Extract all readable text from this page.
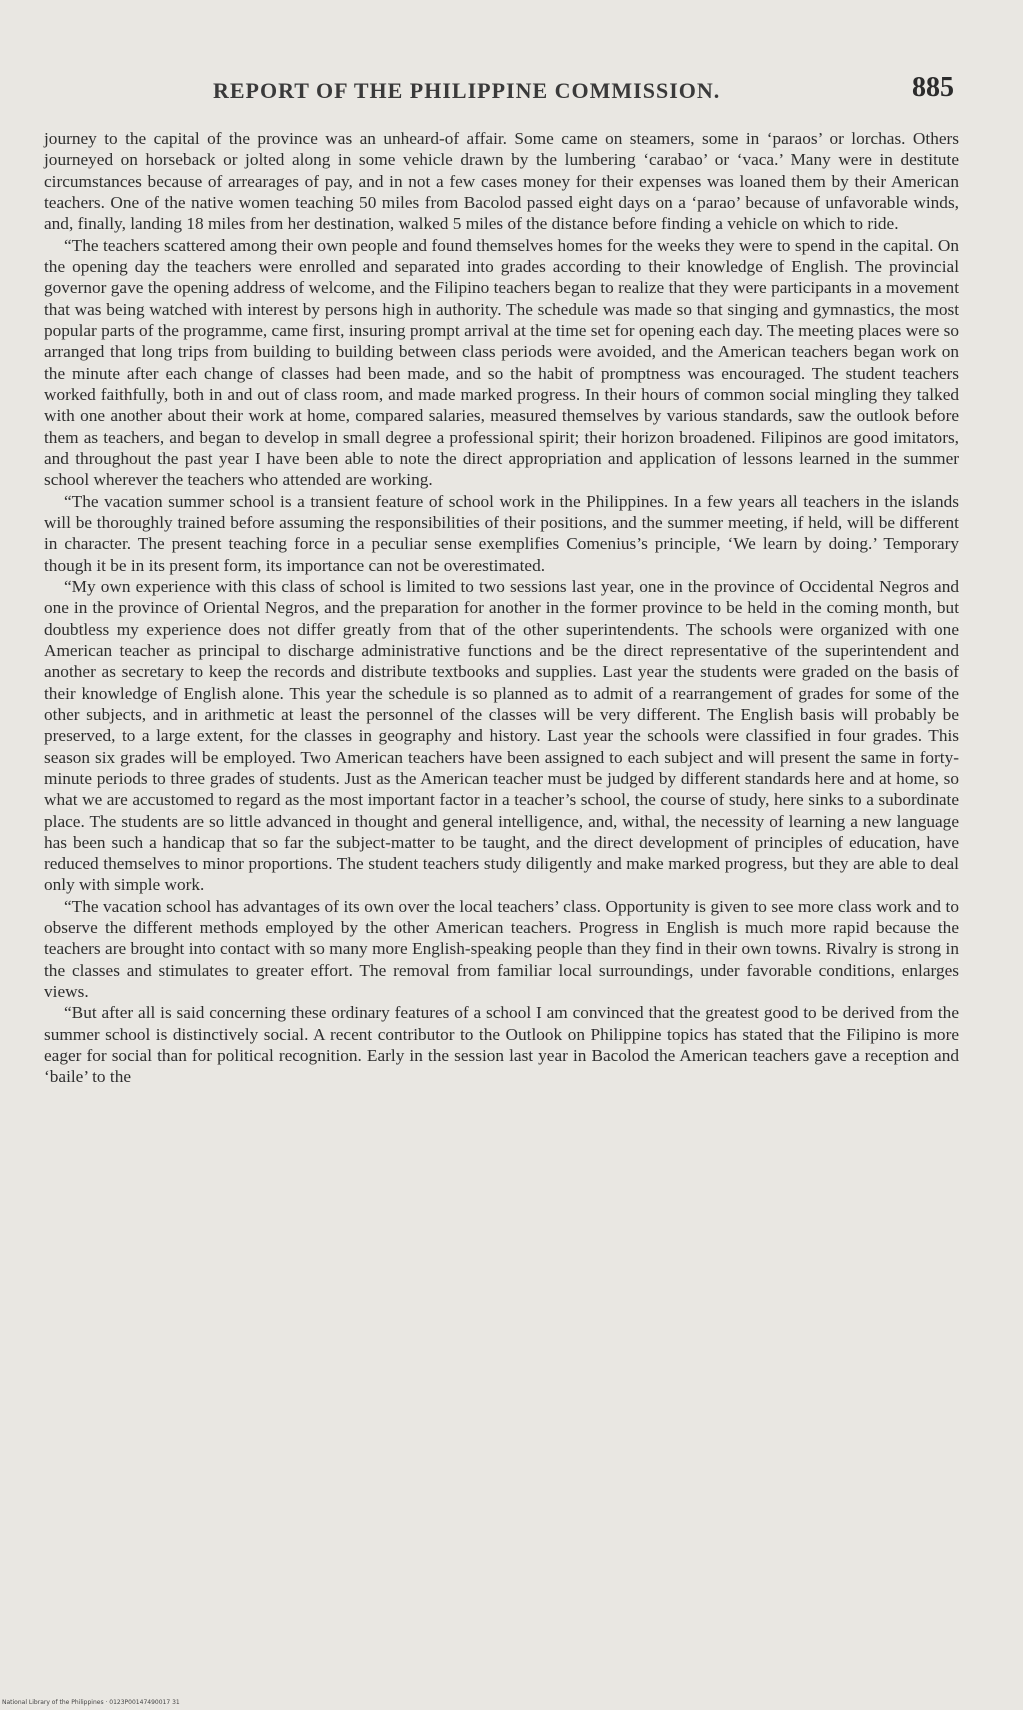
REPORT OF THE PHILIPPINE COMMISSION.	885

journey to the capital of the province was an unheard-of affair. Some came on steamers, some in ‘paraos’ or lorchas. Others journeyed on horseback or jolted along in some vehicle drawn by the lumbering ‘carabao’ or ‘vaca.’ Many were in destitute circumstances because of arrearages of pay, and in not a few cases money for their expenses was loaned them by their American teachers. One of the native women teaching 50 miles from Bacolod passed eight days on a ‘parao’ because of unfavorable winds, and, finally, landing 18 miles from her destination, walked 5 miles of the distance before finding a vehicle on which to ride.

“The teachers scattered among their own people and found themselves homes for the weeks they were to spend in the capital. On the opening day the teachers were enrolled and separated into grades according to their knowledge of English. The provincial governor gave the opening address of welcome, and the Filipino teachers began to realize that they were participants in a movement that was being watched with interest by persons high in authority. The schedule was made so that singing and gymnastics, the most popular parts of the programme, came first, insuring prompt arrival at the time set for opening each day. The meeting places were so arranged that long trips from building to building between class periods were avoided, and the American teachers began work on the minute after each change of classes had been made, and so the habit of promptness was encouraged. The student teachers worked faithfully, both in and out of class room, and made marked progress. In their hours of common social mingling they talked with one another about their work at home, compared salaries, measured themselves by various standards, saw the outlook before them as teachers, and began to develop in small degree a professional spirit; their horizon broadened. Filipinos are good imitators, and throughout the past year I have been able to note the direct appropriation and application of lessons learned in the summer school wherever the teachers who attended are working.

“The vacation summer school is a transient feature of school work in the Philippines. In a few years all teachers in the islands will be thoroughly trained before assuming the responsibilities of their positions, and the summer meeting, if held, will be different in character. The present teaching force in a peculiar sense exemplifies Comenius’s principle, ‘We learn by doing.’ Temporary though it be in its present form, its importance can not be overestimated.

“My own experience with this class of school is limited to two sessions last year, one in the province of Occidental Negros and one in the province of Oriental Negros, and the preparation for another in the former province to be held in the coming month, but doubtless my experience does not differ greatly from that of the other superintendents. The schools were organized with one American teacher as principal to discharge administrative functions and be the direct representative of the superintendent and another as secretary to keep the records and distribute textbooks and supplies. Last year the students were graded on the basis of their knowledge of English alone. This year the schedule is so planned as to admit of a rearrangement of grades for some of the other subjects, and in arithmetic at least the personnel of the classes will be very different. The English basis will probably be preserved, to a large extent, for the classes in geography and history. Last year the schools were classified in four grades. This season six grades will be employed. Two American teachers have been assigned to each subject and will present the same in forty-minute periods to three grades of students. Just as the American teacher must be judged by different standards here and at home, so what we are accustomed to regard as the most important factor in a teacher’s school, the course of study, here sinks to a subordinate place. The students are so little advanced in thought and general intelligence, and, withal, the necessity of learning a new language has been such a handicap that so far the subject-matter to be taught, and the direct development of principles of education, have reduced themselves to minor proportions. The student teachers study diligently and make marked progress, but they are able to deal only with simple work.

“The vacation school has advantages of its own over the local teachers’ class. Opportunity is given to see more class work and to observe the different methods employed by the other American teachers. Progress in English is much more rapid because the teachers are brought into contact with so many more English-speaking people than they find in their own towns. Rivalry is strong in the classes and stimulates to greater effort. The removal from familiar local surroundings, under favorable conditions, enlarges views.

“But after all is said concerning these ordinary features of a school I am convinced that the greatest good to be derived from the summer school is distinctively social. A recent contributor to the Outlook on Philippine topics has stated that the Filipino is more eager for social than for political recognition. Early in the session last year in Bacolod the American teachers gave a reception and ‘baile’ to the

National Library of the Philippines · 0123P00147490017 31
